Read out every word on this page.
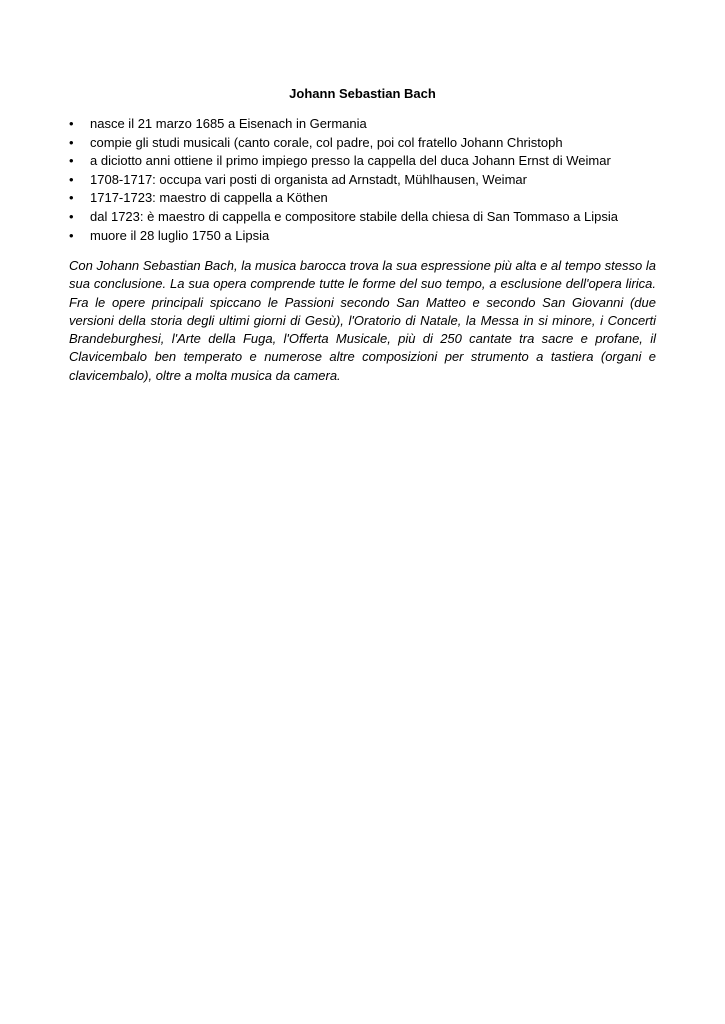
Johann Sebastian Bach
• nasce il 21 marzo 1685 a Eisenach in Germania
• compie gli studi musicali (canto corale, col padre, poi col fratello Johann Christoph
• a diciotto anni ottiene il primo impiego presso la cappella del duca Johann Ernst di Weimar
• 1708-1717: occupa vari posti di organista ad Arnstadt, Mühlhausen, Weimar
• 1717-1723: maestro di cappella a Köthen
• dal 1723: è maestro di cappella e compositore stabile della chiesa di San Tommaso a Lipsia
• muore il 28 luglio 1750 a Lipsia

Con Johann Sebastian Bach, la musica barocca trova la sua espressione più alta e al tempo stesso la sua conclusione. La sua opera comprende tutte le forme del suo tempo, a esclusione dell'opera lirica. Fra le opere principali spiccano le Passioni secondo San Matteo e secondo San Giovanni (due versioni della storia degli ultimi giorni di Gesù), l'Oratorio di Natale, la Messa in si minore, i Concerti Brandeburghesi, l'Arte della Fuga, l'Offerta Musicale, più di 250 cantate tra sacre e profane, il Clavicembalo ben temperato e numerose altre composizioni per strumento a tastiera (organi e clavicembalo), oltre a molta musica da camera.
